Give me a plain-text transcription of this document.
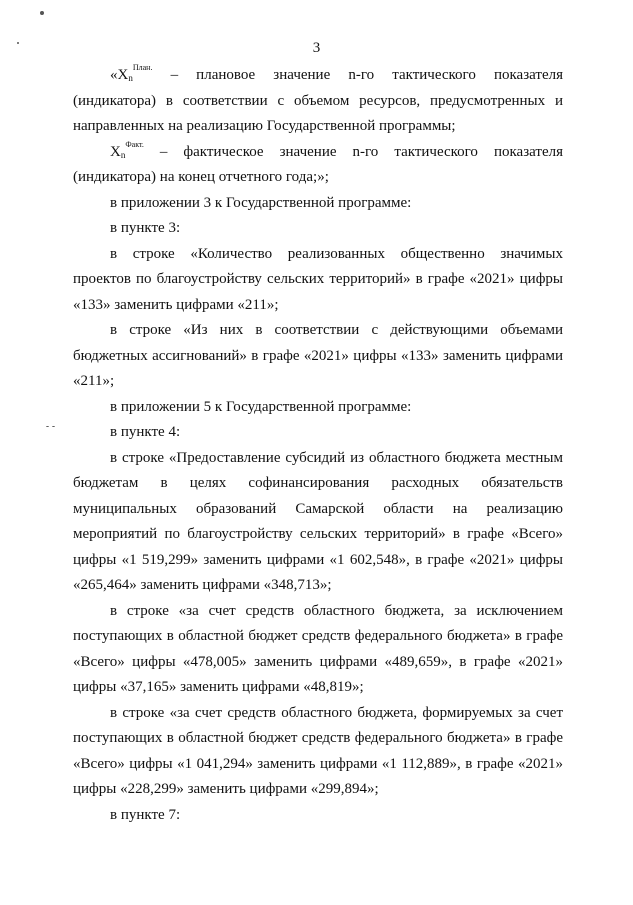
3

«$X_n^{План.}$ – плановое значение n-го тактического показателя (индикатора) в соответствии с объемом ресурсов, предусмотренных и направленных на реализацию Государственной программы;

$X_n^{Факт.}$ – фактическое значение n-го тактического показателя (индикатора) на конец отчетного года;»;

в приложении 3 к Государственной программе:

в пункте 3:

в строке «Количество реализованных общественно значимых проектов по благоустройству сельских территорий» в графе «2021» цифры «133» заменить цифрами «211»;

в строке «Из них в соответствии с действующими объемами бюджетных ассигнований» в графе «2021» цифры «133» заменить цифрами «211»;

в приложении 5 к Государственной программе:

в пункте 4:

в строке «Предоставление субсидий из областного бюджета местным бюджетам в целях софинансирования расходных обязательств муниципальных образований Самарской области на реализацию мероприятий по благоустройству сельских территорий» в графе «Всего» цифры «1 519,299» заменить цифрами «1 602,548», в графе «2021» цифры «265,464» заменить цифрами «348,713»;

в строке «за счет средств областного бюджета, за исключением поступающих в областной бюджет средств федерального бюджета» в графе «Всего» цифры «478,005» заменить цифрами «489,659», в графе «2021» цифры «37,165» заменить цифрами «48,819»;

в строке «за счет средств областного бюджета, формируемых за счет поступающих в областной бюджет средств федерального бюджета» в графе «Всего» цифры «1 041,294» заменить цифрами «1 112,889», в графе «2021» цифры «228,299» заменить цифрами «299,894»;

в пункте 7:
